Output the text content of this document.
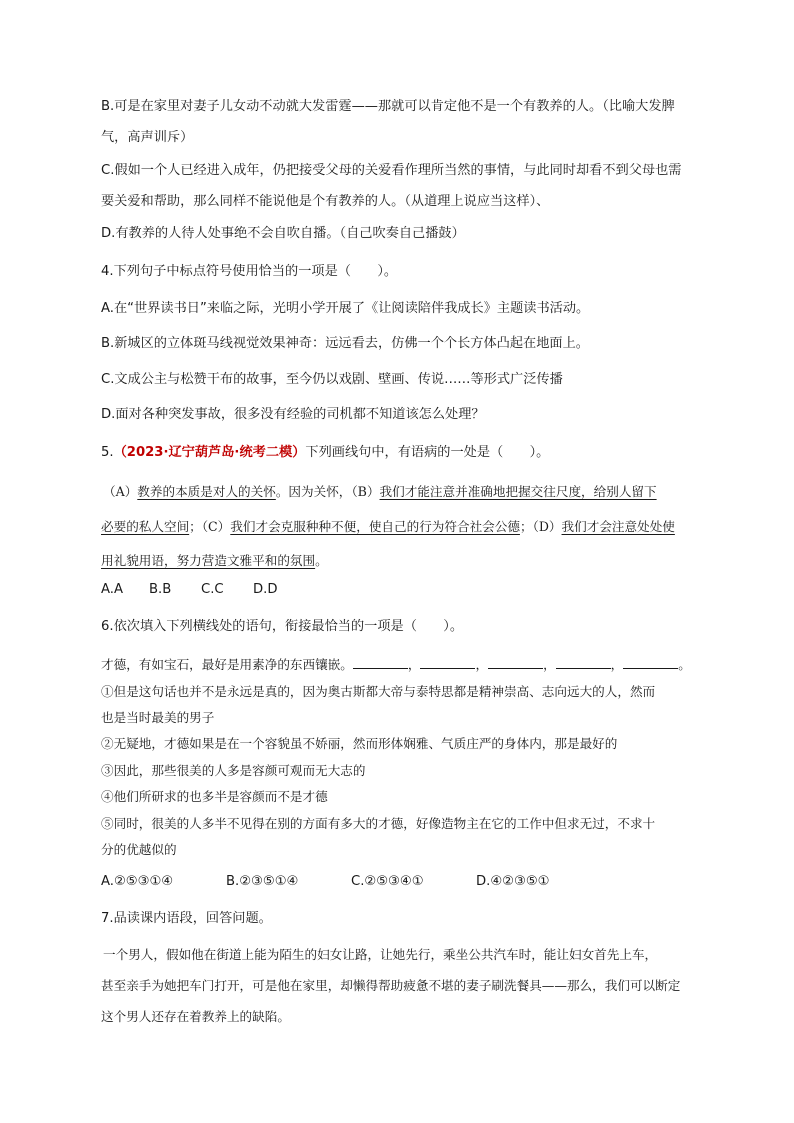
B.可是在家里对妻子儿女动不动就大发雷霆——那就可以肯定他不是一个有教养的人。（比喻大发脾
气，高声训斥）
C.假如一个人已经进入成年，仍把接受父母的关爱看作理所当然的事情，与此同时却看不到父母也需
要关爱和帮助，那么同样不能说他是个有教养的人。（从道理上说应当这样）、
D.有教养的人待人处事绝不会自吹自播。（自己吹奏自己播鼓）
4.下列句子中标点符号使用恰当的一项是（　　）。
A.在“世界读书日”来临之际，光明小学开展了《让阅读陪伴我成长》主题读书活动。
B.新城区的立体斑马线视觉效果神奇：远远看去，仿佛一个个长方体凸起在地面上。
C.文成公主与松赞干布的故事，至今仍以戏剧、壁画、传说……等形式广泛传播
D.面对各种突发事故，很多没有经验的司机都不知道该怎么处理？
5.（2023·辽宁葫芦岛·统考二模）下列画线句中，有语病的一处是（　　）。
（A）教养的本质是对人的关怀。因为关怀，（B）我们才能注意并准确地把握交往尺度，给别人留下
必要的私人空间；（C）我们才会克服种种不便，使自己的行为符合社会公德；（D）我们才会注意处处使
用礼貌用语，努力营造文雅平和的氛围。
A.A B.B C.C D.D
6.依次填入下列横线处的语句，衔接最恰当的一项是（　　）。
才德，有如宝石，最好是用素净的东西镶嵌。	，	，	，	，	。
①但是这句话也并不是永远是真的，因为奥古斯都大帝与泰特思都是精神崇高、志向远大的人，然而
也是当时最美的男子
②无疑地，才德如果是在一个容貌虽不娇丽，然而形体娴雅、气质庄严的身体内，那是最好的
③因此，那些很美的人多是容颜可观而无大志的
④他们所研求的也多半是容颜而不是才德
⑤同时，很美的人多半不见得在别的方面有多大的才德，好像造物主在它的工作中但求无过，不求十
分的优越似的
A.②⑤③①④	B.②③⑤①④	C.②⑤③④①	D.④②③⑤①
7.品读课内语段，回答问题。
一个男人，假如他在街道上能为陌生的妇女让路，让她先行，乘坐公共汽车时，能让妇女首先上车，
甚至亲手为她把车门打开，可是他在家里，却懒得帮助疲惫不堪的妻子刷洗餐具——那么，我们可以断定
这个男人还存在着教养上的缺陷。
